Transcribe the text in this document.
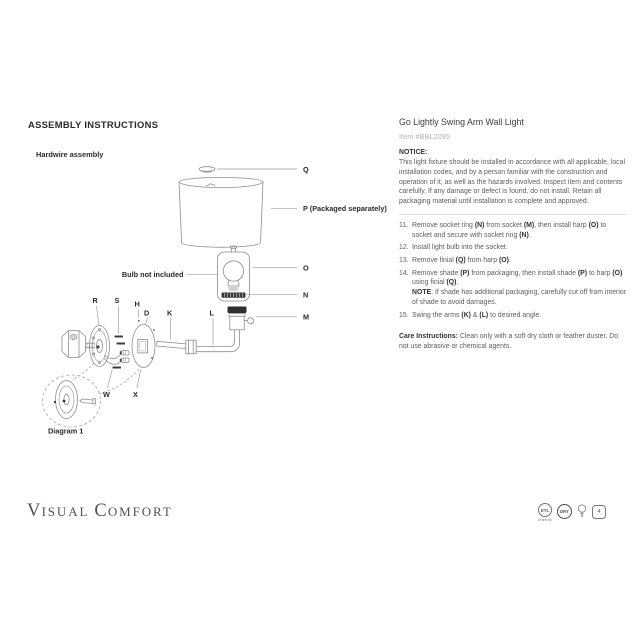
ASSEMBLY INSTRUCTIONS
Hardwire assembly
Q
P (Packaged separately)
O
N
Bulb not included
M
R S H
D K	L
W	X
Diagram 1
Go Lightly Swing Arm Wall Light
Item #BBL2095
NOTICE:
This light fixture should be installed in accordance with all applicable, local installation codes, and by a person familiar with the construction and operation of it, as well as the hazards involved. Inspect item and contents carefully. If any damage or defect is found, do not install. Retain all packaging material until installation is complete and approved.
11. Remove socket ring (N) from socket (M), then install harp (O) to socket and secure with socket ring (N).
12. Install light bulb into the socket.
13. Remove finial (Q) from harp (O).
14. Remove shade (P) from packaging, then install shade (P) to harp (O) using finial (Q).
NOTE: If shade has additional packaging, carefully cut off from interior of shade to avoid damages.
15. Swing the arms (K) & (L) to desired angle.
Care Instructions: Clean only with a soft dry cloth or feather duster. Do not use abrasive or chemical agents.
VISUAL COMFORT	ETL
Intertek
DRY	4
